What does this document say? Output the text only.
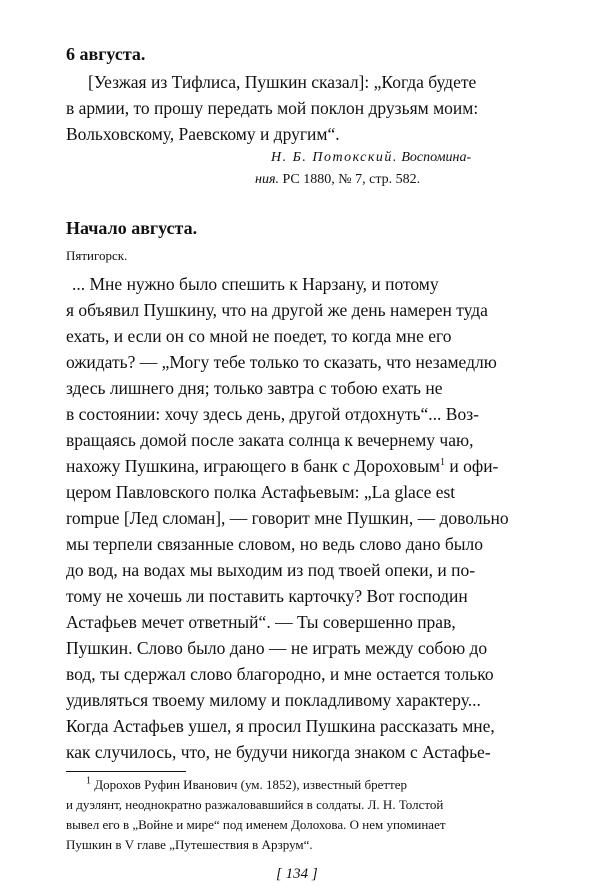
6 августа.
[Уезжая из Тифлиса, Пушкин сказал]: „Когда будете
в армии, то прошу передать мой поклон друзьям моим:
Вольховскому, Раевскому и другим“.
Н. Б. Потокский. Воспомина-
ния. РС 1880, № 7, стр. 582.
Начало августа.
Пятигорск.
... Мне нужно было спешить к Нарзану, и потому
я объявил Пушкину, что на другой же день намерен туда
ехать, и если он со мной не поедет, то когда мне его
ожидать? — „Могу тебе только то сказать, что незамедлю
здесь лишнего дня; только завтра с тобою ехать не
в состоянии: хочу здесь день, другой отдохнуть“... Воз-
вращаясь домой после заката солнца к вечернему чаю,
нахожу Пушкина, играющего в банк с Дороховым$^1$ и офи-
цером Павловского полка Астафьевым: „La glace est
rompue [Лед сломан], — говорит мне Пушкин, — довольно
мы терпели связанные словом, но ведь слово дано было
до вод, на водах мы выходим из под твоей опеки, и по-
тому не хочешь ли поставить карточку? Вот господин
Астафьев мечет ответный“. — Ты совершенно прав,
Пушкин. Слово было дано — не играть между собою до
вод, ты сдержал слово благородно, и мне остается только
удивляться твоему милому и покладливому характеру...
Когда Астафьев ушел, я просил Пушкина рассказать мне,
как случилось, что, не будучи никогда знаком с Астафье-
$^1$ Дорохов Руфин Иванович (ум. 1852), известный бреттер
и дуэлянт, неоднократно разжаловавшийся в солдаты. Л. Н. Толстой
вывел его в „Войне и мире“ под именем Долохова. О нем упоминает
Пушкин в V главе „Путешествия в Арзрум“.
[ 134 ]
